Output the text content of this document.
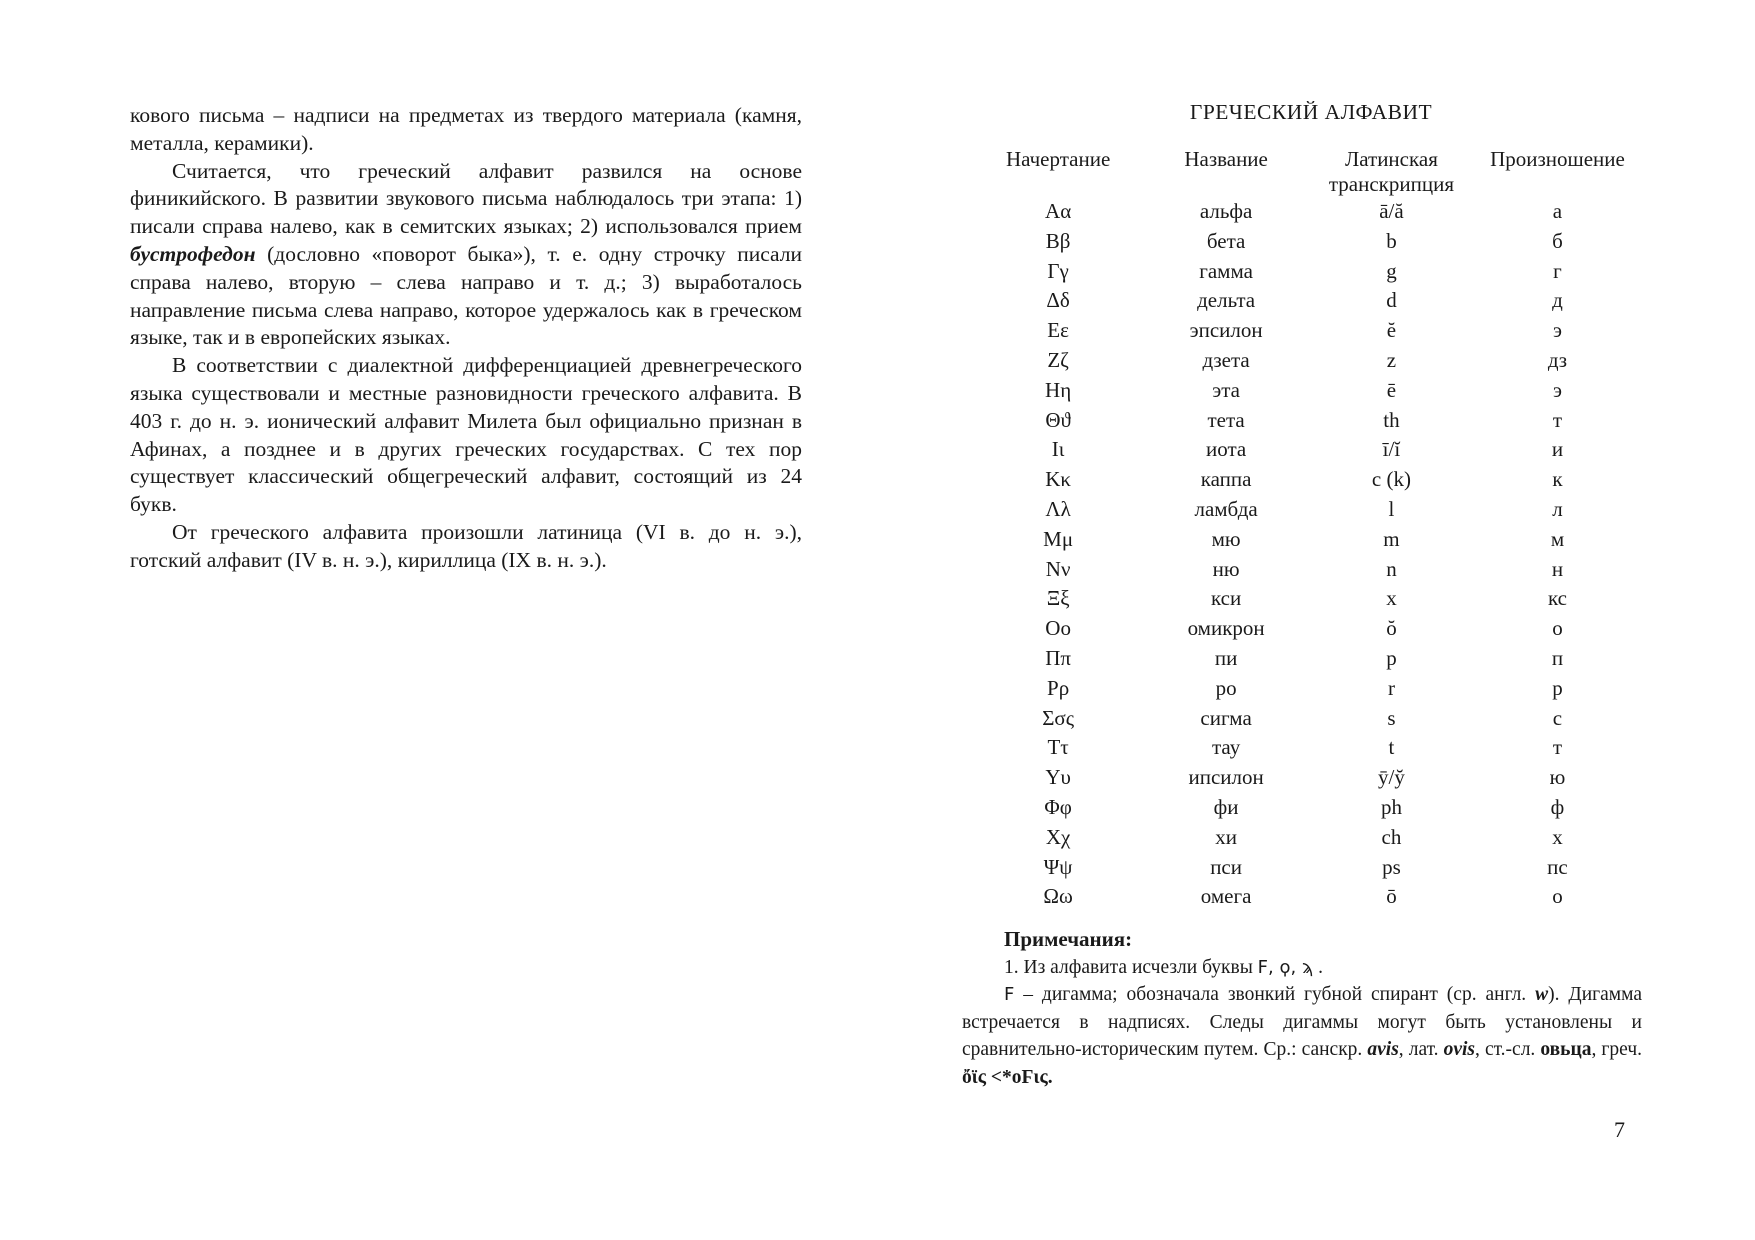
кового письма – надписи на предметах из твердого материала (камня, металла, керамики).

Считается, что греческий алфавит развился на основе финикийского. В развитии звукового письма наблюдалось три этапа: 1) писали справа налево, как в семитских языках; 2) использовался прием бустрофедон (дословно «поворот быка»), т. е. одну строчку писали справа налево, вторую – слева направо и т. д.; 3) выработалось направление письма слева направо, которое удержалось как в греческом языке, так и в европейских языках.

В соответствии с диалектной дифференциацией древнегреческого языка существовали и местные разновидности греческого алфавита. В 403 г. до н. э. ионический алфавит Милета был официально признан в Афинах, а позднее и в других греческих государствах. С тех пор существует классический общегреческий алфавит, состоящий из 24 букв.

От греческого алфавита произошли латиница (VI в. до н. э.), готский алфавит (IV в. н. э.), кириллица (IX в. н. э.).

ГРЕЧЕСКИЙ АЛФАВИТ
Начертание	Название	Латинская транскрипция	Произношение
Αα	альфа	ā/ă	а
Ββ	бета	b	б
Γγ	гамма	g	г
Δδ	дельта	d	д
Εε	эпсилон	ĕ	э
Ζζ	дзета	z	дз
Ηη	эта	ē	э
Θϑ	тета	th	т
Ιι	иота	ī/ĭ	и
Κκ	каппа	c (k)	к
Λλ	ламбда	l	л
Μμ	мю	m	м
Νν	ню	n	н
Ξξ	кси	x	кс
Οο	омикрон	ŏ	о
Ππ	пи	p	п
Ρρ	ро	r	р
Σσς	сигма	s	с
Ττ	тау	t	т
Υυ	ипсилон	ȳ/y̆	ю
Φφ	фи	ph	ф
Χχ	хи	ch	х
Ψψ	пси	ps	пс
Ωω	омега	ō	о

Примечания:

1. Из алфавита исчезли буквы Ϝ, ϙ, ϡ .

Ϝ – дигамма; обозначала звонкий губной спирант (ср. англ. w). Дигамма встречается в надписях. Следы дигаммы могут быть установлены и сравнительно-историческим путем. Ср.: санскр. avis, лат. ovis, ст.-сл. овьца, греч. ὄϊς <*оϜις.

7
